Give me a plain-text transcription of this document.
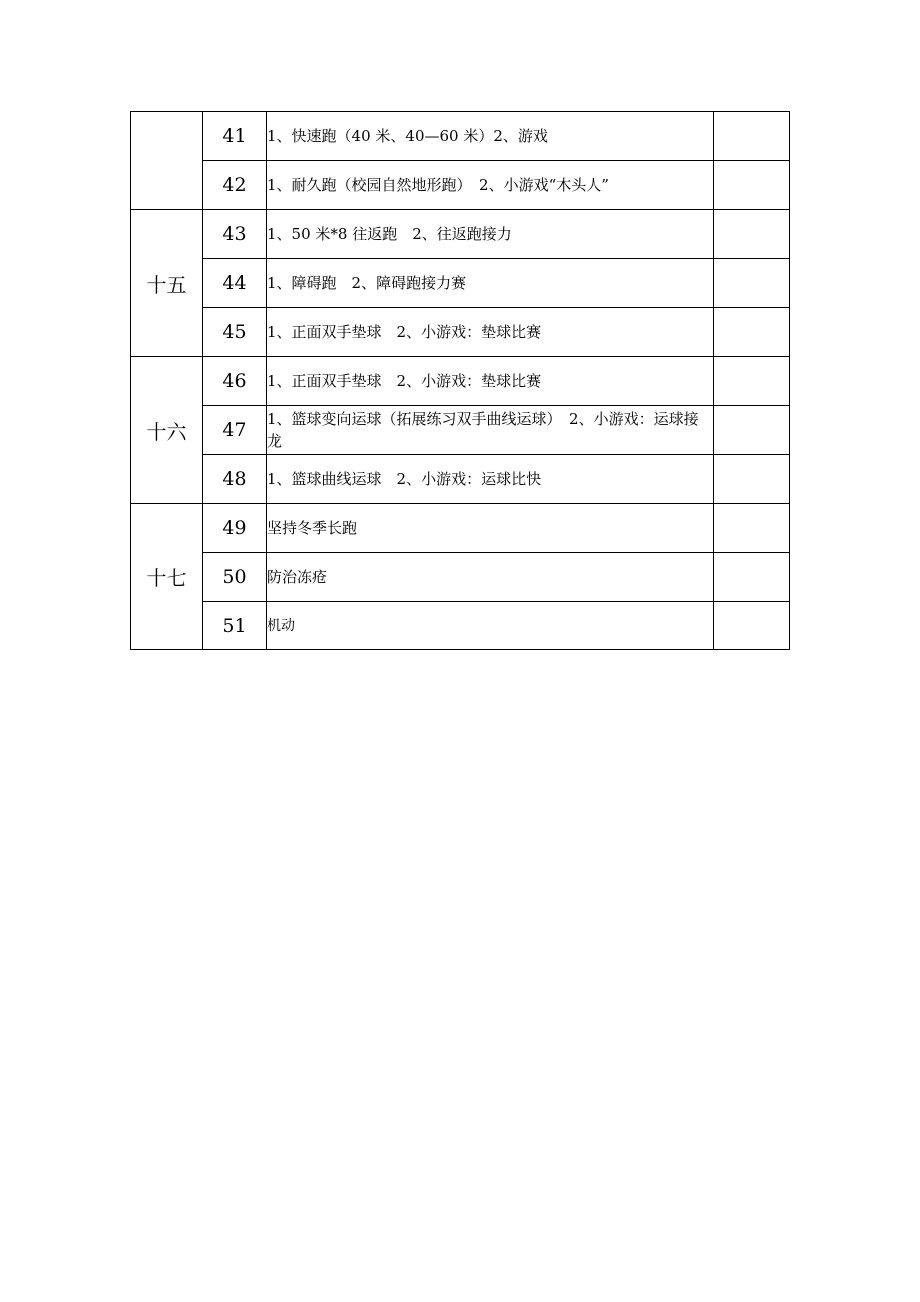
	41	1、快速跑（40 米、40—60 米）2、游戏	
	42	1、耐久跑（校园自然地形跑）　2、小游戏“木头人”	
十五	43	1、50 米*8 往返跑　2、往返跑接力	
	44	1、障碍跑　2、障碍跑接力赛	
	45	1、正面双手垫球　2、小游戏：垫球比赛	
十六	46	1、正面双手垫球　2、小游戏：垫球比赛	
	47	1、篮球变向运球（拓展练习双手曲线运球）　2、小游戏：运球接龙	
	48	1、篮球曲线运球　2、小游戏：运球比快	
十七	49	坚持冬季长跑	
	50	防治冻疮	
	51	机动	
